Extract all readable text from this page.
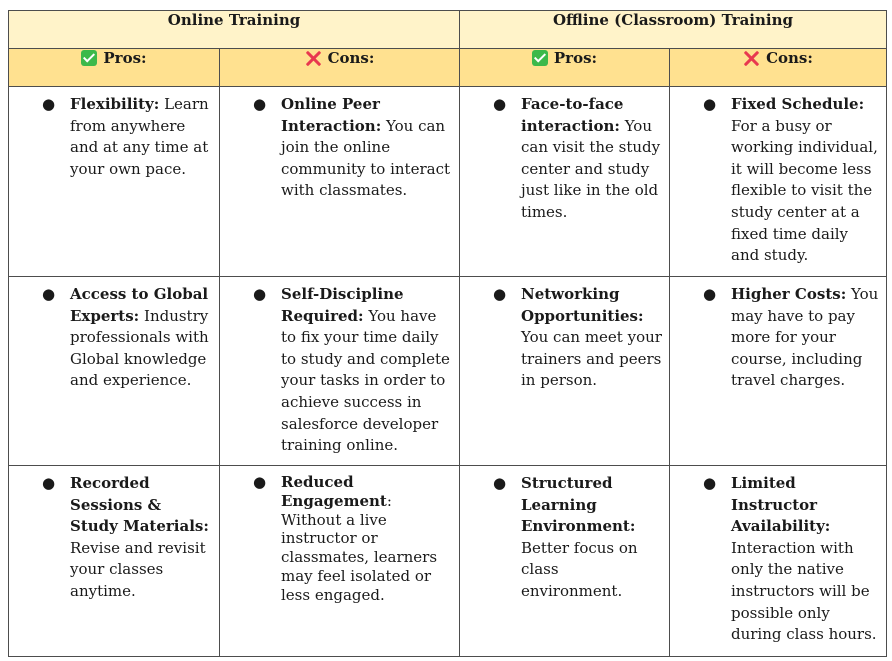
Online Training		Offline (Classroom) Training	

Pros:	Cons:	Pros:	Cons:

● Flexibility: Learn from anywhere and at any time at your own pace.	● Online Peer Interaction: You can join the online community to interact with classmates.	● Face-to-face interaction: You can visit the study center and study just like in the old times.	● Fixed Schedule: For a busy or working individual, it will become less flexible to visit the study center at a fixed time daily and study.

● Access to Global Experts: Industry professionals with Global knowledge and experience.	● Self-Discipline Required: You have to fix your time daily to study and complete your tasks in order to achieve success in salesforce developer training online.	● Networking Opportunities: You can meet your trainers and peers in person.	● Higher Costs: You may have to pay more for your course, including travel charges.

● Recorded Sessions & Study Materials: Revise and revisit your classes anytime.	● Reduced Engagement: Without a live instructor or classmates, learners may feel isolated or less engaged.	● Structured Learning Environment: Better focus on class environment.	● Limited Instructor Availability: Interaction with only the native instructors will be possible only during class hours.
